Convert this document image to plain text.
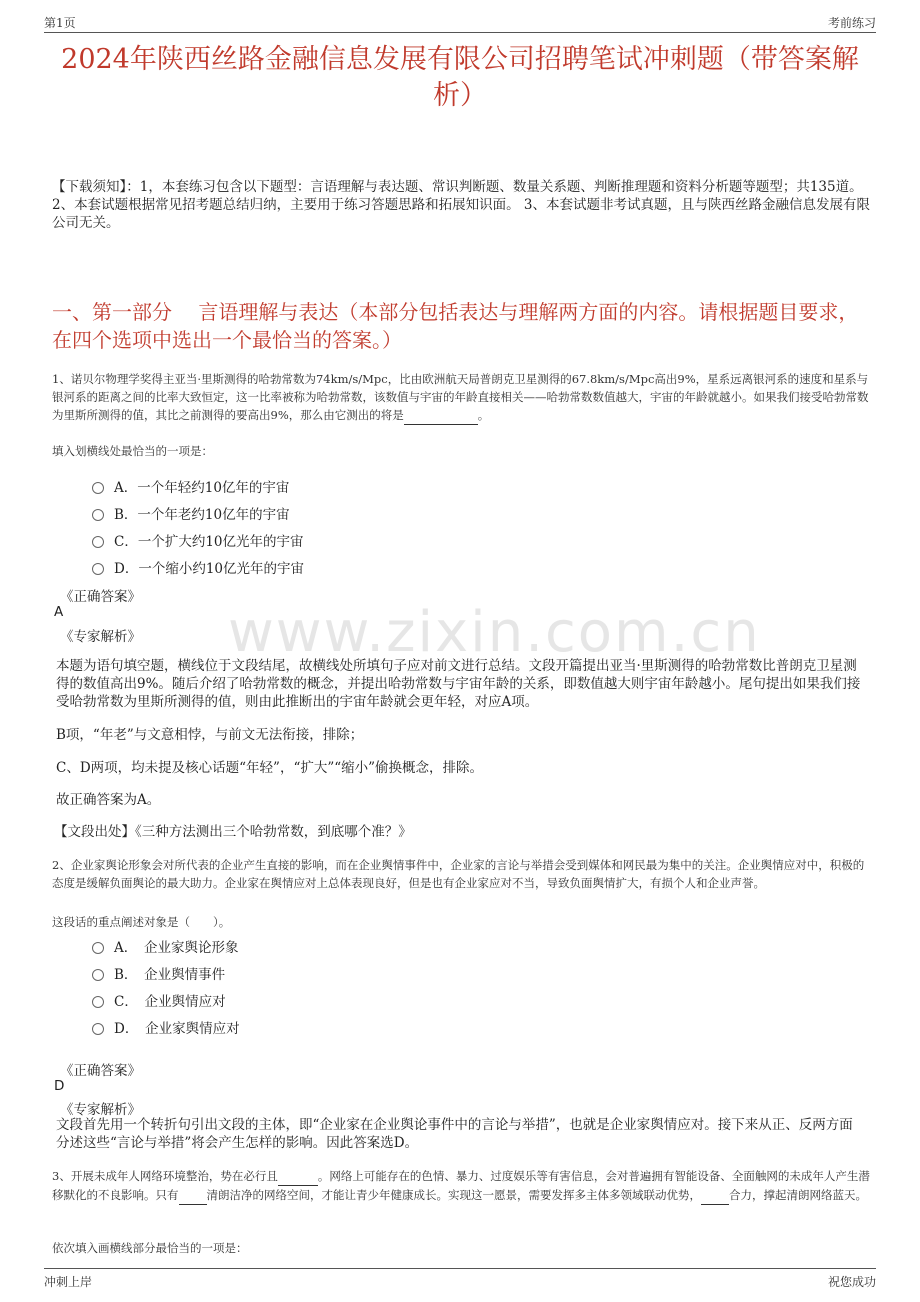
第1页	考前练习
www.zixin.com.cn
2024年陕西丝路金融信息发展有限公司招聘笔试冲刺题（带答案解析）
【下载须知】：1，本套练习包含以下题型：言语理解与表达题、常识判断题、数量关系题、判断推理题和资料分析题等题型；共135道。 2、本套试题根据常见招考题总结归纳，主要用于练习答题思路和拓展知识面。 3、本套试题非考试真题，且与陕西丝路金融信息发展有限公司无关。
一、第一部分　 言语理解与表达（本部分包括表达与理解两方面的内容。请根据题目要求，在四个选项中选出一个最恰当的答案。）
1、诺贝尔物理学奖得主亚当·里斯测得的哈勃常数为74km/s/Mpc，比由欧洲航天局普朗克卫星测得的67.8km/s/Mpc高出9%，星系远离银河系的速度和星系与银河系的距离之间的比率大致恒定，这一比率被称为哈勃常数，该数值与宇宙的年龄直接相关——哈勃常数数值越大，宇宙的年龄就越小。如果我们接受哈勃常数为里斯所测得的值，其比之前测得的要高出9%，那么由它测出的将是	。
填入划横线处最恰当的一项是：
A．一个年轻约10亿年的宇宙
B．一个年老约10亿年的宇宙
C．一个扩大约10亿光年的宇宙
D．一个缩小约10亿光年的宇宙
《正确答案》
A
《专家解析》
本题为语句填空题，横线位于文段结尾，故横线处所填句子应对前文进行总结。文段开篇提出亚当·里斯测得的哈勃常数比普朗克卫星测得的数值高出9%。随后介绍了哈勃常数的概念，并提出哈勃常数与宇宙年龄的关系，即数值越大则宇宙年龄越小。尾句提出如果我们接受哈勃常数为里斯所测得的值，则由此推断出的宇宙年龄就会更年轻，对应A项。
B项，“年老”与文意相悖，与前文无法衔接，排除；
C、D两项，均未提及核心话题“年轻”，“扩大”“缩小”偷换概念，排除。
故正确答案为A。
【文段出处】《三种方法测出三个哈勃常数，到底哪个准？》
2、企业家舆论形象会对所代表的企业产生直接的影响，而在企业舆情事件中，企业家的言论与举措会受到媒体和网民最为集中的关注。企业舆情应对中，积极的态度是缓解负面舆论的最大助力。企业家在舆情应对上总体表现良好，但是也有企业家应对不当，导致负面舆情扩大，有损个人和企业声誉。
这段话的重点阐述对象是（　　）。
A．　企业家舆论形象
B．　企业舆情事件
C．　企业舆情应对
D．　企业家舆情应对
《正确答案》
D
《专家解析》
文段首先用一个转折句引出文段的主体，即“企业家在企业舆论事件中的言论与举措”，也就是企业家舆情应对。接下来从正、反两方面分述这些“言论与举措”将会产生怎样的影响。因此答案选D。
3、开展未成年人网络环境整治，势在必行且	。网络上可能存在的色情、暴力、过度娱乐等有害信息，会对普遍拥有智能设备、全面触网的未成年人产生潜移默化的不良影响。只有 清朗洁净的网络空间，才能让青少年健康成长。实现这一愿景，需要发挥多主体多领域联动优势， 合力，撑起清朗网络蓝天。
依次填入画横线部分最恰当的一项是：
冲刺上岸	祝您成功
